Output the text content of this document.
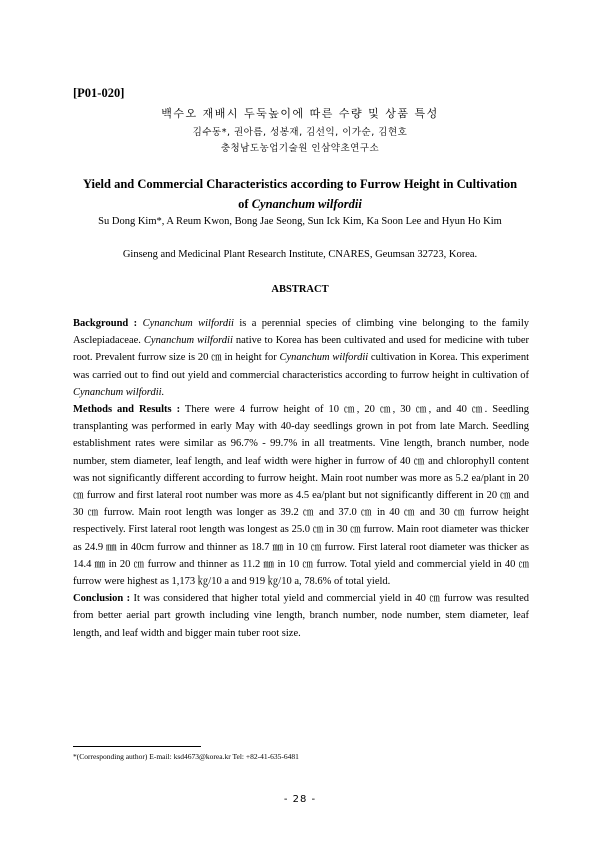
[P01-020]
백수오 재배시 두둑높이에 따른 수량 및 상품 특성
김수동*, 권아름, 성봉재, 김선익, 이가순, 김현호
충청남도농업기술원 인삼약초연구소
Yield and Commercial Characteristics according to Furrow Height in Cultivation
of Cynanchum wilfordii
Su Dong Kim*, A Reum Kwon, Bong Jae Seong, Sun Ick Kim, Ka Soon Lee and Hyun Ho Kim
Ginseng and Medicinal Plant Research Institute, CNARES, Geumsan 32723, Korea.
ABSTRACT

Background : Cynanchum wilfordii is a perennial species of climbing vine belonging to the family Asclepiadaceae. Cynanchum wilfordii native to Korea has been cultivated and used for medicine with tuber root. Prevalent furrow size is 20 ㎝ in height for Cynanchum wilfordii cultivation in Korea. This experiment was carried out to find out yield and commercial characteristics according to furrow height in cultivation of Cynanchum wilfordii.

Methods and Results : There were 4 furrow height of 10 ㎝, 20 ㎝, 30 ㎝, and 40 ㎝. Seedling transplanting was performed in early May with 40-day seedlings grown in pot from late March. Seedling establishment rates were similar as 96.7% - 99.7% in all treatments. Vine length, branch number, node number, stem diameter, leaf length, and leaf width were higher in furrow of 40 ㎝ and chlorophyll content was not significantly different according to furrow height. Main root number was more as 5.2 ea/plant in 20 ㎝ furrow and first lateral root number was more as 4.5 ea/plant but not significantly different in 20 ㎝ and 30 ㎝ furrow. Main root length was longer as 39.2 ㎝ and 37.0 ㎝ in 40 ㎝ and 30 ㎝ furrow height respectively. First lateral root length was longest as 25.0 ㎝ in 30 ㎝ furrow. Main root diameter was thicker as 24.9 ㎜ in 40cm furrow and thinner as 18.7 ㎜ in 10 ㎝ furrow. First lateral root diameter was thicker as 14.4 ㎜ in 20 ㎝ furrow and thinner as 11.2 ㎜ in 10 ㎝ furrow. Total yield and commercial yield in 40 ㎝ furrow were highest as 1,173 ㎏/10 a and 919 ㎏/10 a, 78.6% of total yield.

Conclusion : It was considered that higher total yield and commercial yield in 40 ㎝ furrow was resulted from better aerial part growth including vine length, branch number, node number, stem diameter, leaf length, and leaf width and bigger main tuber root size.

*(Corresponding author) E-mail: ksd4673@korea.kr Tel: +82-41-635-6481
- 28 -
